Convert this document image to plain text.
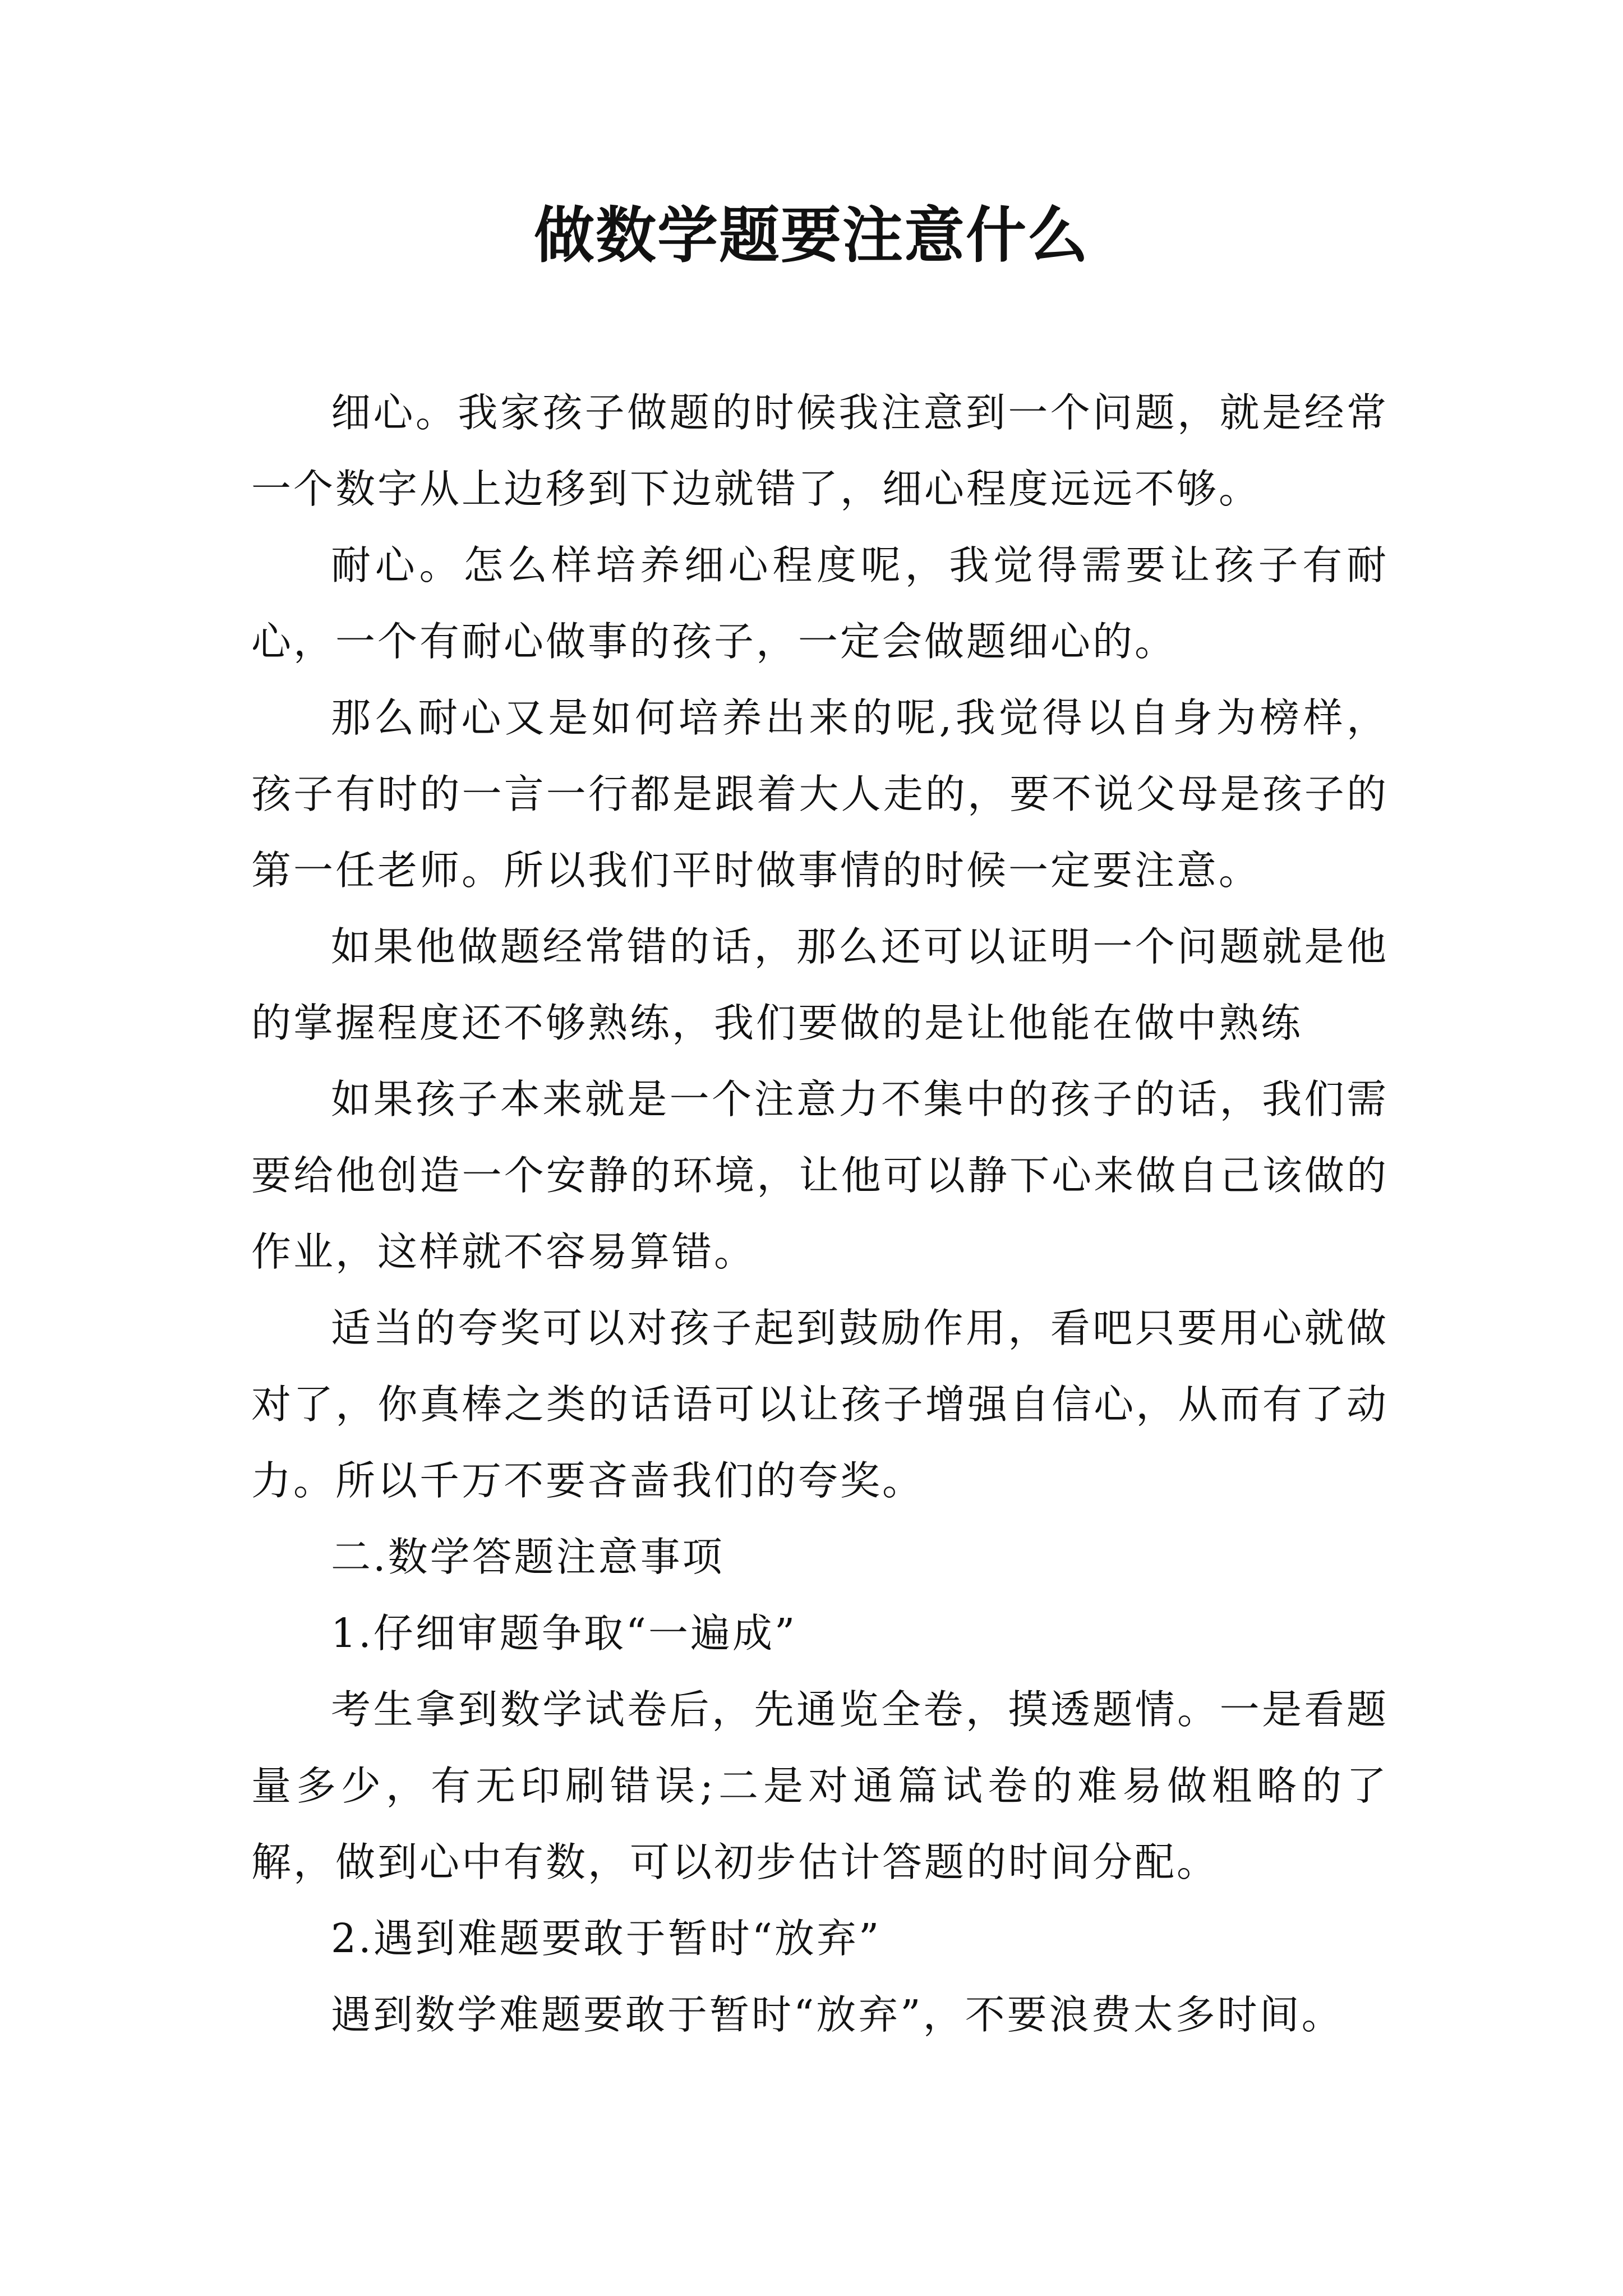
做数学题要注意什么

细心。我家孩子做题的时候我注意到一个问题，就是经常一个数字从上边移到下边就错了，细心程度远远不够。

耐心。怎么样培养细心程度呢，我觉得需要让孩子有耐心，一个有耐心做事的孩子，一定会做题细心的。

那么耐心又是如何培养出来的呢,我觉得以自身为榜样，孩子有时的一言一行都是跟着大人走的，要不说父母是孩子的第一任老师。所以我们平时做事情的时候一定要注意。

如果他做题经常错的话，那么还可以证明一个问题就是他的掌握程度还不够熟练，我们要做的是让他能在做中熟练

如果孩子本来就是一个注意力不集中的孩子的话，我们需要给他创造一个安静的环境，让他可以静下心来做自己该做的作业，这样就不容易算错。

适当的夸奖可以对孩子起到鼓励作用，看吧只要用心就做对了，你真棒之类的话语可以让孩子增强自信心，从而有了动力。所以千万不要吝啬我们的夸奖。

二.数学答题注意事项

1.仔细审题争取“一遍成”

考生拿到数学试卷后，先通览全卷，摸透题情。一是看题量多少，有无印刷错误;二是对通篇试卷的难易做粗略的了解，做到心中有数，可以初步估计答题的时间分配。

2.遇到难题要敢于暂时“放弃”

遇到数学难题要敢于暂时“放弃”，不要浪费太多时间。
